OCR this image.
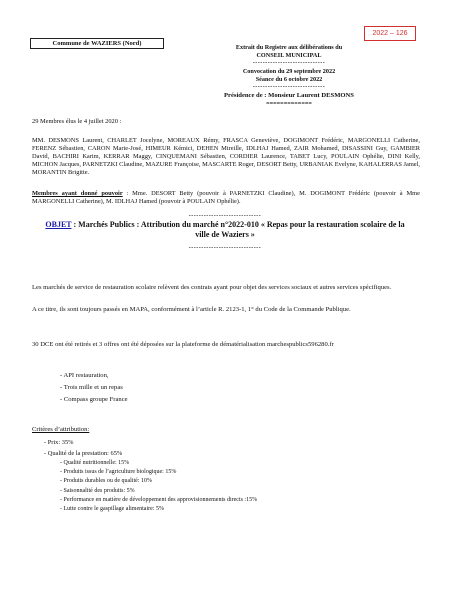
2022 – 126
Commune de WAZIERS (Nord)
Extrait du Registre aux délibérations du
CONSEIL MUNICIPAL
-----------------------------
Convocation du 29 septembre 2022
Séance du 6 octobre 2022
-----------------------------
Présidence de : Monsieur Laurent DESMONS
=============
29 Membres élus le 4 juillet 2020 :
MM. DESMONS Laurent, CHARLET Jocelyne, MOREAUX Rémy, FRASCA Geneviève, DOGIMONT Frédéric, MARGONELLI Catherine, FERENZ Sébastien, CARON Marie-José, HIMEUR Kémici, DEHEN Mireille, IDLHAJ Hamed, ZAIR Mohamed, DISASSINI Guy, GAMBIER David, BACHIRI Karim, KERRAR Maggy, CINQUEMANI Sébastien, CORDIER Laurence, TABET Lucy, POULAIN Ophélie, DINI Kelly, MICHON Jacques, PARNETZKI Claudine, MAZURE Françoise, MASCARTE Roger, DESORT Betty, URBANIAK Evelyne, KAHALERRAS Jamel, MORANTIN Brigitte.
Membres ayant donné pouvoir : Mme. DESORT Betty (pouvoir à PARNETZKI Claudine), M. DOGIMONT Frédéric (pouvoir à Mme MARGONELLI Catherine), M. IDLHAJ Hamed (pouvoir à POULAIN Ophélie).
-----------------------------
OBJET : Marchés Publics : Attribution du marché n°2022-010 « Repas pour la restauration scolaire de la ville de Waziers »
-----------------------------
Les marchés de service de restauration scolaire relèvent des contrats ayant pour objet des services sociaux et autres services spécifiques.
A ce titre, ils sont toujours passés en MAPA, conformément à l’article R. 2123-1, 1° du Code de la Commande Publique.
30 DCE ont été retirés et 3 offres ont été déposées sur la plateforme de dématérialisation marchespublics596280.fr
- API restauration,
- Trois mille et un repas
- Compass groupe France
Critères d’attribution:
- Prix: 35%
- Qualité de la prestation: 65%
- Qualité nutritionnelle: 15%
- Produits issus de l’agriculture biologique: 15%
- Produits durables ou de qualité: 10%
- Saisonnalité des produits: 5%
- Performance en matière de développement des approvisionnements directs :15%
- Lutte contre le gaspillage alimentaire: 5%
